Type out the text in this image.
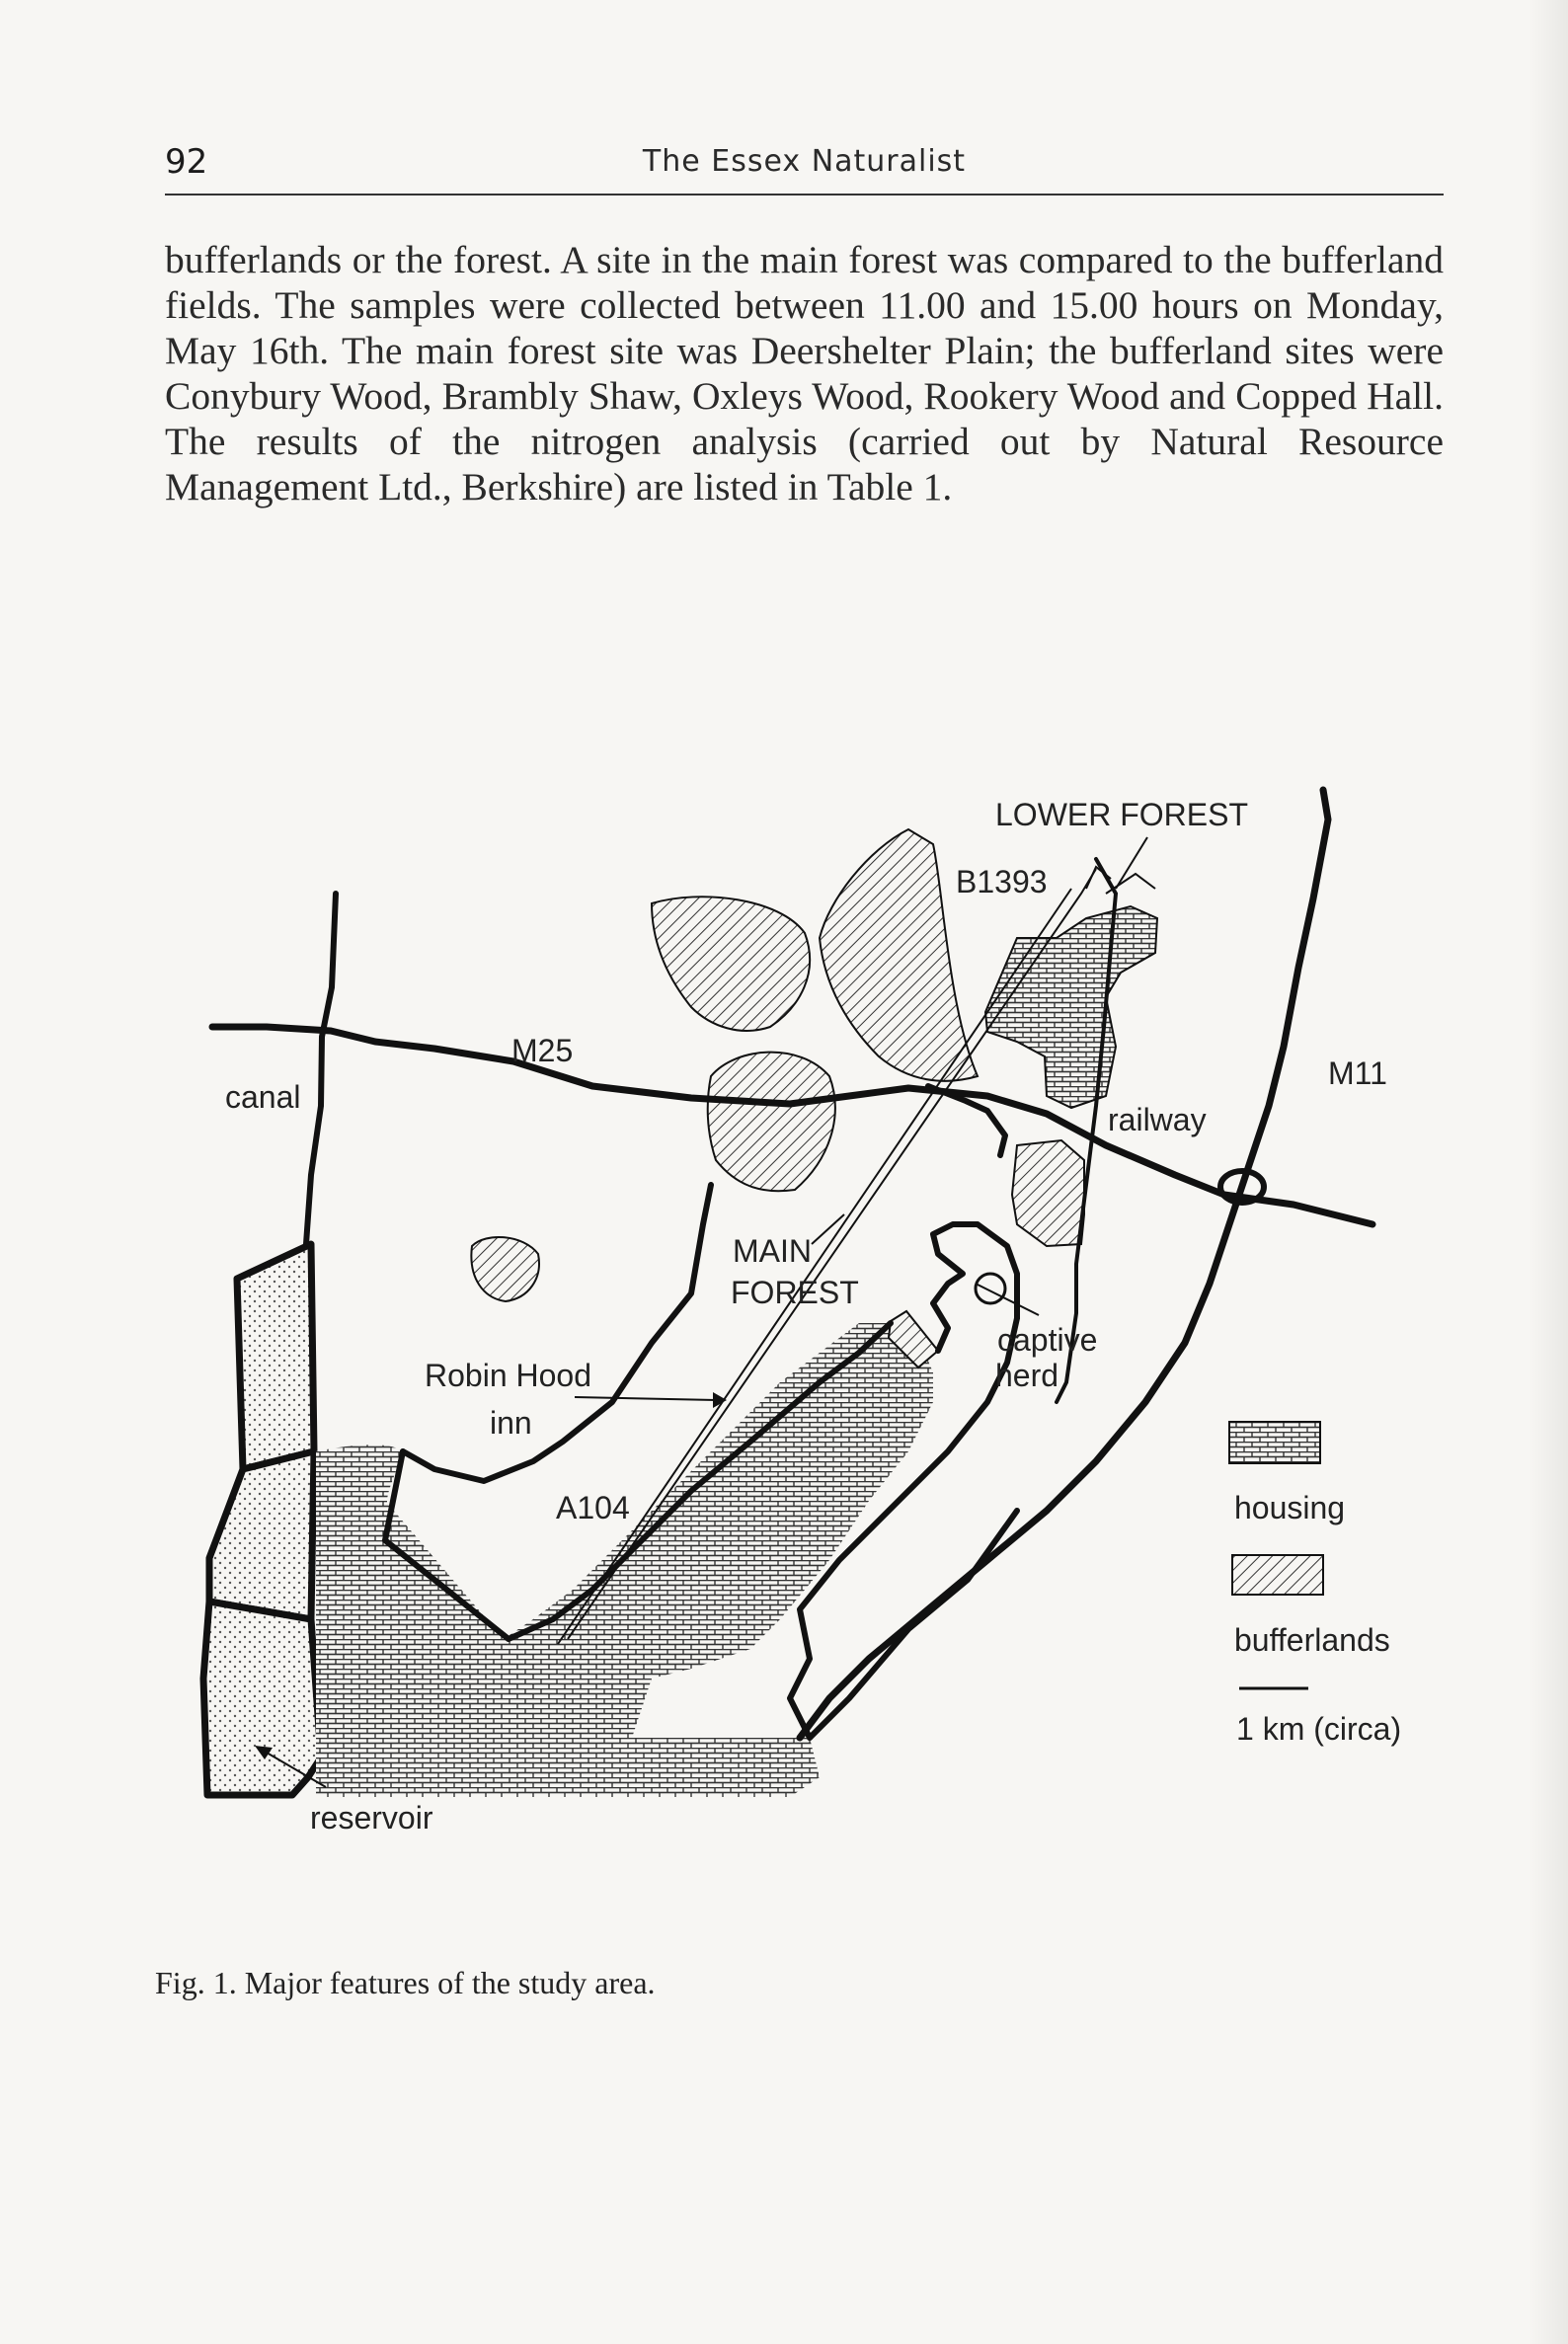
92	The Essex Naturalist

bufferlands or the forest. A site in the main forest was compared to the bufferland fields. The samples were collected between 11.00 and 15.00 hours on Monday, May 16th. The main forest site was Deershelter Plain; the bufferland sites were Conybury Wood, Brambly Shaw, Oxleys Wood, Rookery Wood and Copped Hall. The results of the nitrogen analysis (carried out by Natural Resource Management Ltd., Berkshire) are listed in Table 1.

LOWER FOREST
B1393
M25
canal
M11
railway
MAIN
FOREST
captive
herd
Robin Hood
inn
A104
reservoir
housing
bufferlands
1 km (circa)
Fig. 1. Major features of the study area.
